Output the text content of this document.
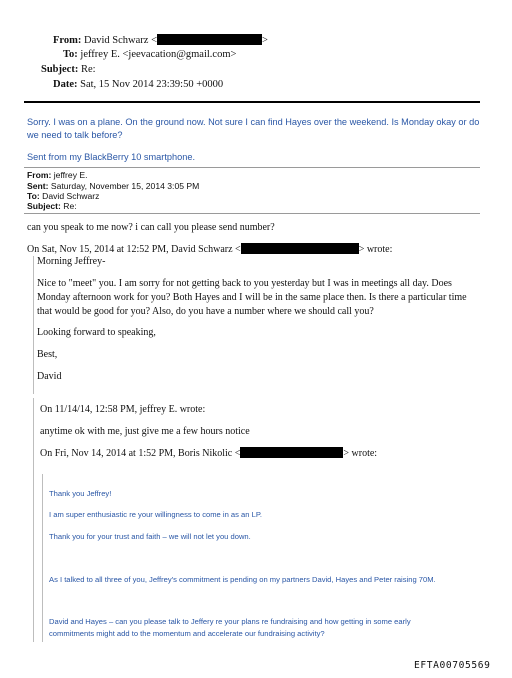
From: David Schwarz <	>
To: jeffrey E. <jeevacation@gmail.com>
Subject: Re:
Date: Sat, 15 Nov 2014 23:39:50 +0000
Sorry. I was on a plane. On the ground now. Not sure I can find Hayes over the weekend. Is Monday okay or do
we need to talk before?
Sent from my BlackBerry 10 smartphone.
From: jeffrey E.
Sent: Saturday, November 15, 2014 3:05 PM
To: David Schwarz
Subject: Re:
can you speak to me now? i can call you please send number?
On Sat, Nov 15, 2014 at 12:52 PM, David Schwarz <	> wrote:
Morning Jeffrey-
Nice to "meet" you. I am sorry for not getting back to you yesterday but I was in meetings all day. Does
Monday afternoon work for you? Both Hayes and I will be in the same place then. Is there a particular time
that would be good for you? Also, do you have a number where we should call you?
Looking forward to speaking,
Best,
David
On 11/14/14, 12:58 PM, jeffrey E. wrote:
anytime ok with me, just give me a few hours notice
On Fri, Nov 14, 2014 at 1:52 PM, Boris Nikolic <	> wrote:
Thank you Jeffrey!
I am super enthusiastic re your willingness to come in as an LP.
Thank you for your trust and faith – we will not let you down.
As I talked to all three of you, Jeffrey's commitment is pending on my partners David, Hayes and Peter raising 70M.
David and Hayes – can you please talk to Jeffery re your plans re fundraising and how getting in some early
commitments might add to the momentum and accelerate our fundraising activity?
EFTA00705569
